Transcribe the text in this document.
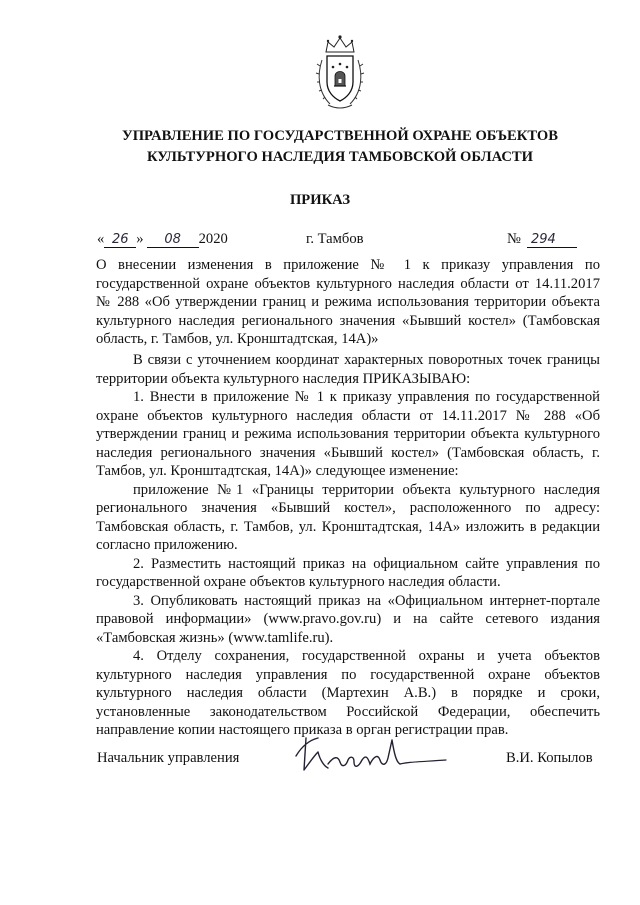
УПРАВЛЕНИЕ ПО ГОСУДАРСТВЕННОЙ ОХРАНЕ ОБЪЕКТОВ
КУЛЬТУРНОГО НАСЛЕДИЯ ТАМБОВСКОЙ ОБЛАСТИ
ПРИКАЗ
« 26 » 08 2020	г. Тамбов	№ 294
О внесении изменения в приложение № 1 к приказу управления по государственной охране объектов культурного наследия области от 14.11.2017 № 288 «Об утверждении границ и режима использования территории объекта культурного наследия регионального значения «Бывший костел» (Тамбовская область, г. Тамбов, ул. Кронштадтская, 14А)»

В связи с уточнением координат характерных поворотных точек границы территории объекта культурного наследия ПРИКАЗЫВАЮ:

1. Внести в приложение № 1 к приказу управления по государственной охране объектов культурного наследия области от 14.11.2017 № 288 «Об утверждении границ и режима использования территории объекта культурного наследия регионального значения «Бывший костел» (Тамбовская область, г. Тамбов, ул. Кронштадтская, 14А)» следующее изменение:

приложение №1 «Границы территории объекта культурного наследия регионального значения «Бывший костел», расположенного по адресу: Тамбовская область, г. Тамбов, ул. Кронштадтская, 14А» изложить в редакции согласно приложению.

2. Разместить настоящий приказ на официальном сайте управления по государственной охране объектов культурного наследия области.

3. Опубликовать настоящий приказ на «Официальном интернет-портале правовой информации» (www.pravo.gov.ru) и на сайте сетевого издания «Тамбовская жизнь» (www.tamlife.ru).

4. Отделу сохранения, государственной охраны и учета объектов культурного наследия управления по государственной охране объектов культурного наследия области (Мартехин А.В.) в порядке и сроки, установленные законодательством Российской Федерации, обеспечить направление копии настоящего приказа в орган регистрации прав.

Начальник управления	В.И. Копылов
